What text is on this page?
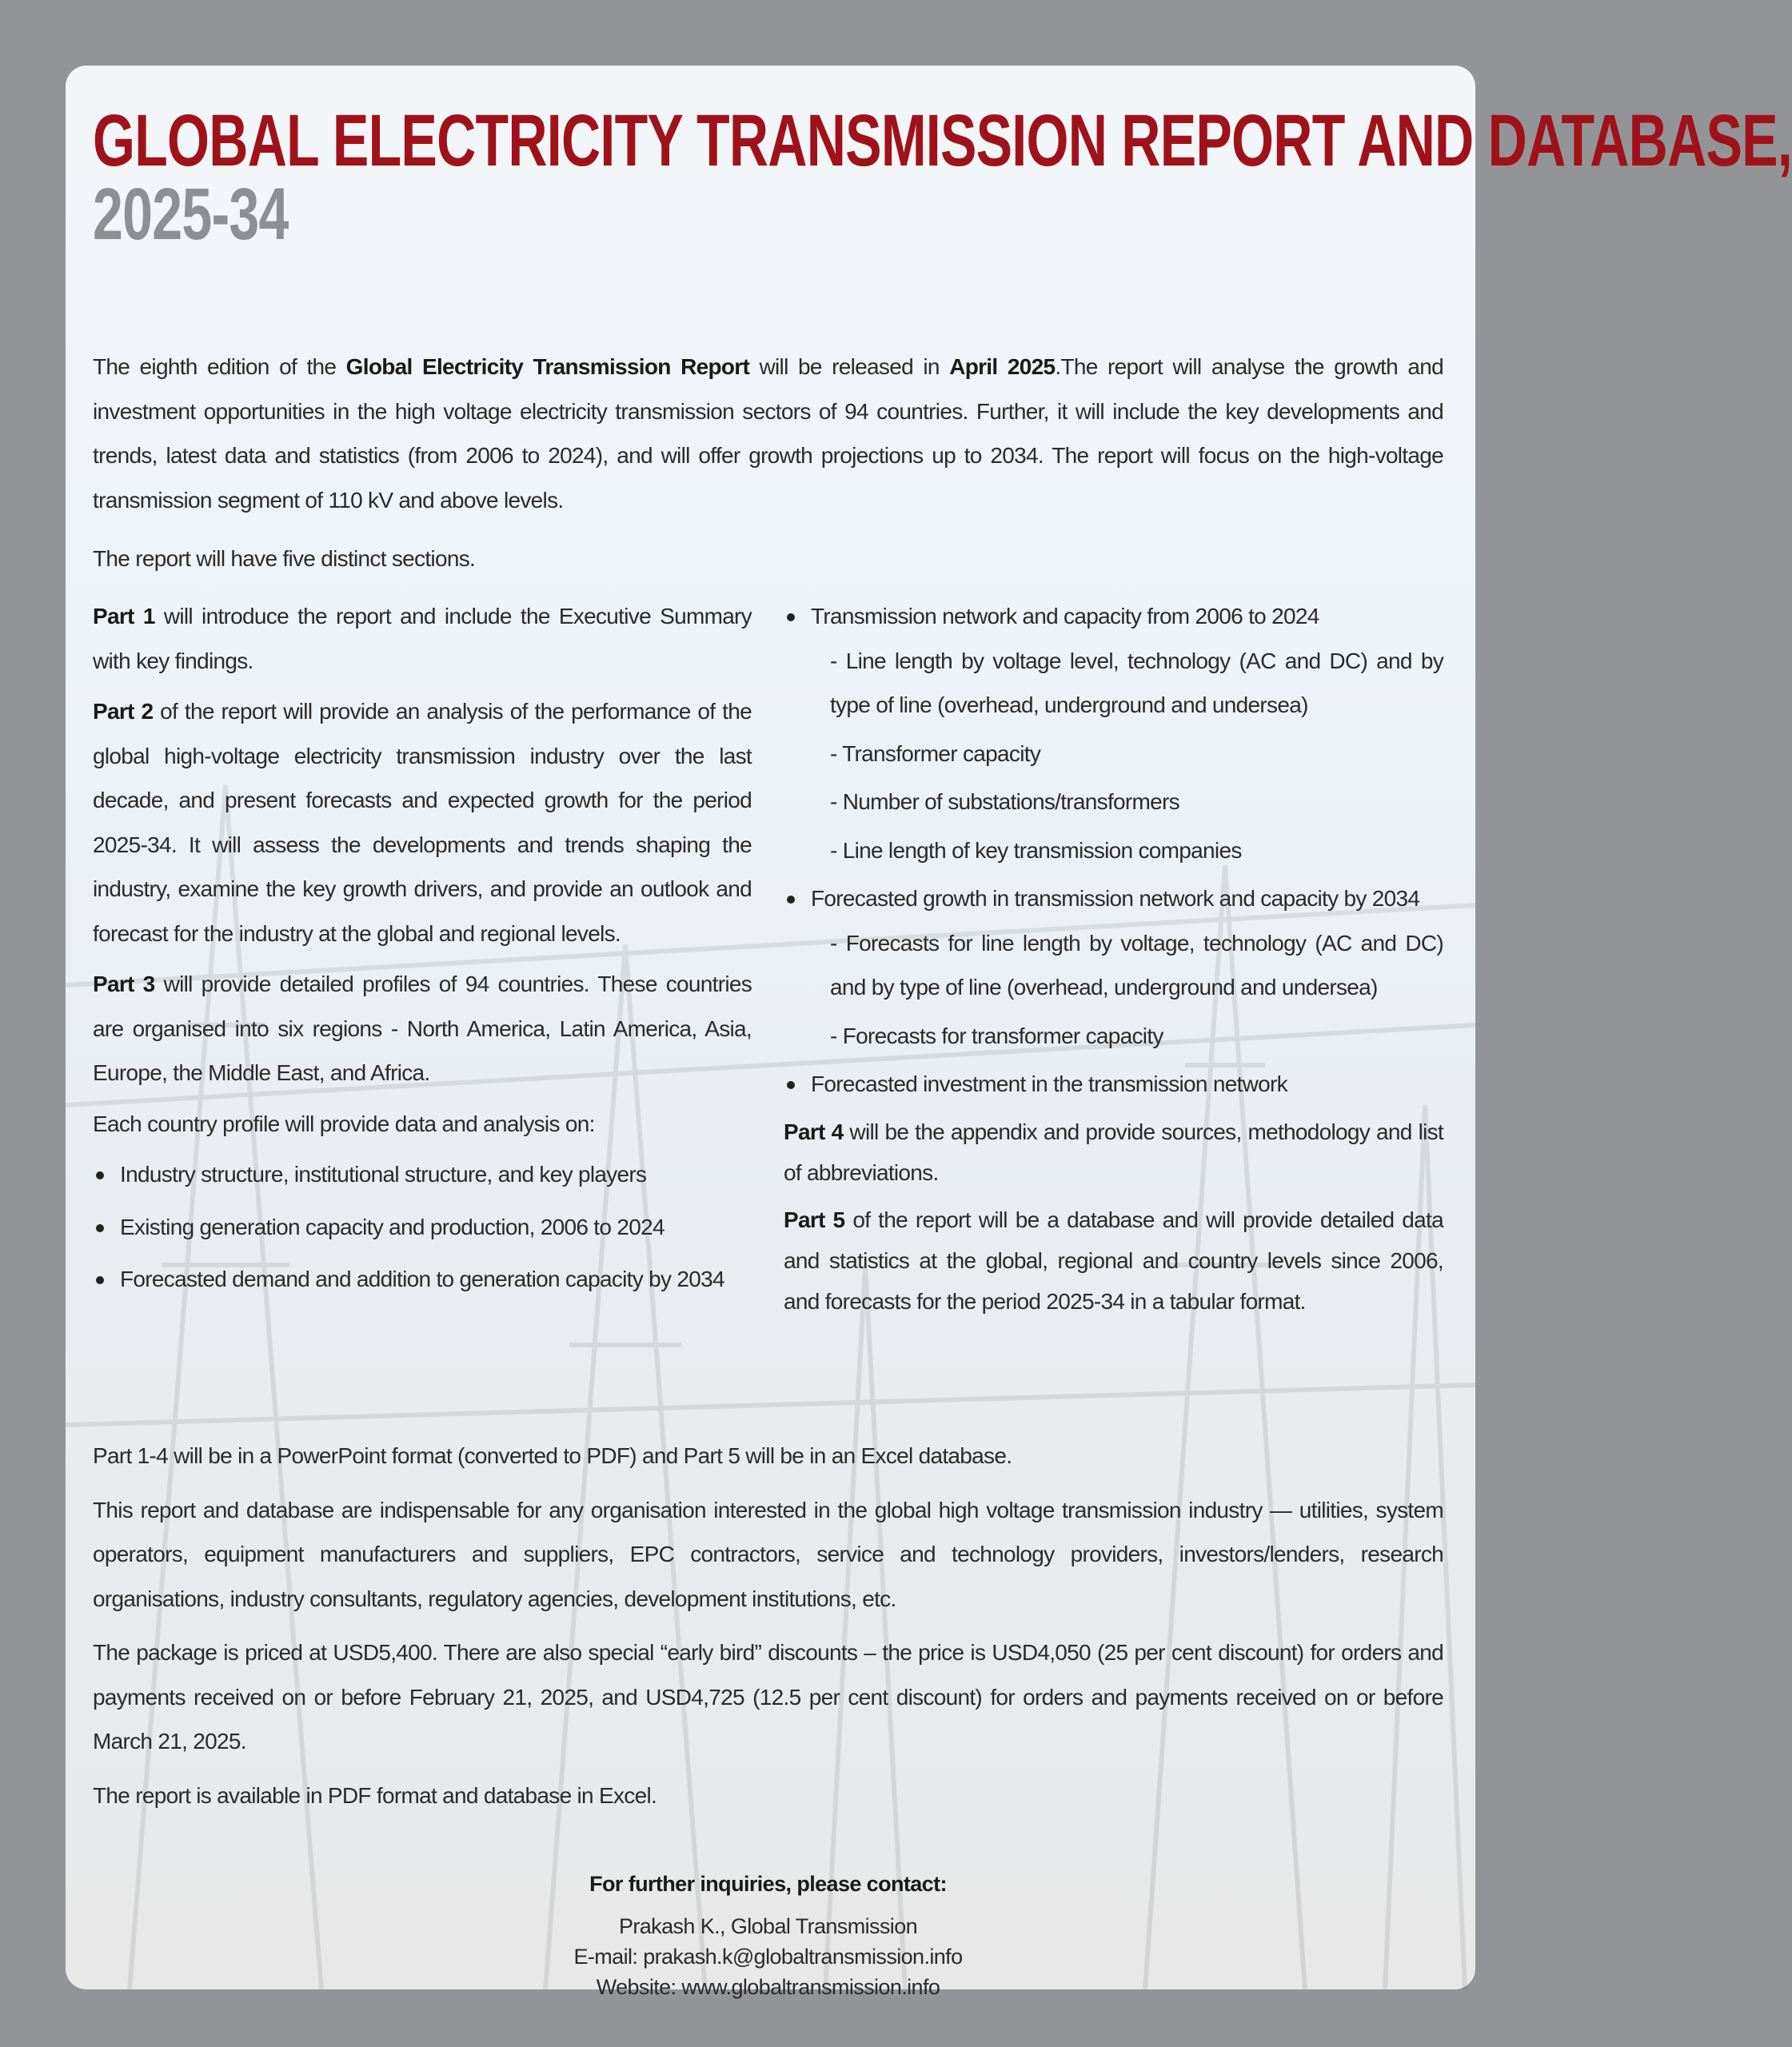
GLOBAL ELECTRICITY TRANSMISSION REPORT AND DATABASE,
2025-34

The eighth edition of the Global Electricity Transmission Report will be released in April 2025.The report will analyse the growth and investment opportunities in the high voltage electricity transmission sectors of 94 countries. Further, it will include the key developments and trends, latest data and statistics (from 2006 to 2024), and will offer growth projections up to 2034. The report will focus on the high-voltage transmission segment of 110 kV and above levels.

The report will have five distinct sections.

Part 1 will introduce the report and include the Executive Summary with key findings.

Part 2 of the report will provide an analysis of the performance of the global high-voltage electricity transmission industry over the last decade, and present forecasts and expected growth for the period 2025-34. It will assess the developments and trends shaping the industry, examine the key growth drivers, and provide an outlook and forecast for the industry at the global and regional levels.

Part 3 will provide detailed profiles of 94 countries. These countries are organised into six regions - North America, Latin America, Asia, Europe, the Middle East, and Africa.

Each country profile will provide data and analysis on:

Industry structure, institutional structure, and key players
Existing generation capacity and production, 2006 to 2024
Forecasted demand and addition to generation capacity by 2034
Transmission network and capacity from 2006 to 2024

- Line length by voltage level, technology (AC and DC) and by type of line (overhead, underground and undersea)

- Transformer capacity

- Number of substations/transformers

- Line length of key transmission companies

Forecasted growth in transmission network and capacity by 2034

- Forecasts for line length by voltage, technology (AC and DC) and by type of line (overhead, underground and undersea)

- Forecasts for transformer capacity

Forecasted investment in the transmission network

Part 4 will be the appendix and provide sources, methodology and list of abbreviations.

Part 5 of the report will be a database and will provide detailed data and statistics at the global, regional and country levels since 2006, and forecasts for the period 2025-34 in a tabular format.

Part 1-4 will be in a PowerPoint format (converted to PDF) and Part 5 will be in an Excel database.

This report and database are indispensable for any organisation interested in the global high voltage transmission industry — utilities, system operators, equipment manufacturers and suppliers, EPC contractors, service and technology providers, investors/lenders, research organisations, industry consultants, regulatory agencies, development institutions, etc.

The package is priced at USD5,400. There are also special “early bird” discounts – the price is USD4,050 (25 per cent discount) for orders and payments received on or before February 21, 2025, and USD4,725 (12.5 per cent discount) for orders and payments received on or before March 21, 2025.

The report is available in PDF format and database in Excel.

For further inquiries, please contact:
Prakash K., Global Transmission
E-mail: prakash.k@globaltransmission.info
Website: www.globaltransmission.info
